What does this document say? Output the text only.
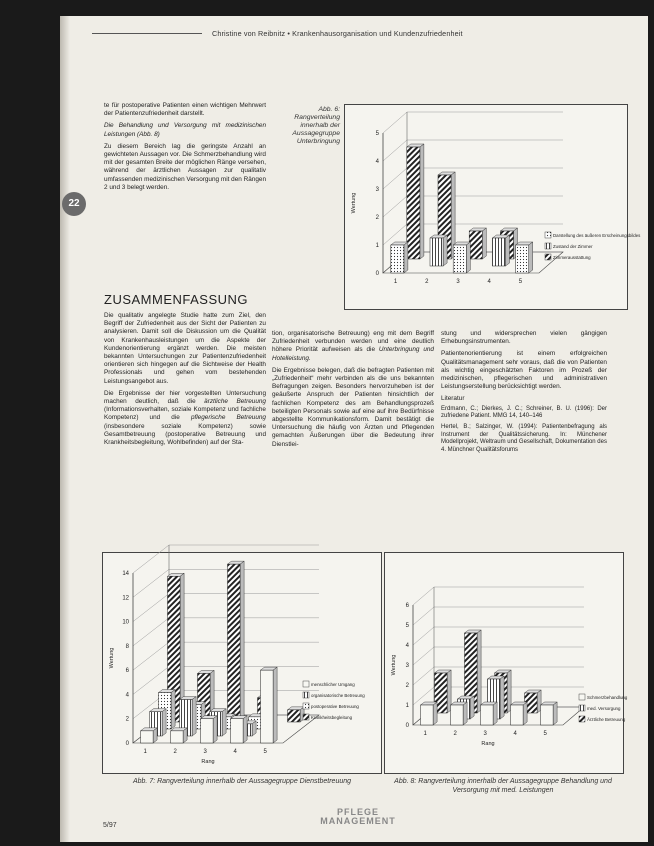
Christine von Reibnitz • Krankenhausorganisation und Kundenzufriedenheit

te für postoperative Patienten einen wichtigen Mehrwert der Patientenzufriedenheit darstellt.

Die Behandlung und Versorgung mit medizinischen Leistungen (Abb. 8)

Zu diesem Bereich lag die geringste Anzahl an gewichteten Aussagen vor. Die Schmerzbehandlung wird mit der gesamten Breite der möglichen Ränge versehen, während der ärztlichen Aussagen zur qualitativ umfassenden medizinischen Versorgung mit den Rängen 2 und 3 belegt werden.

22
Abb. 6: Rangverteilung innerhalb der Aussagegruppe Unterbringung
0
1
2
3
4
5
1	2	3	4	5
Wertung
Zimmerausstattung
Zustand der Zimmer
Darstellung des äußeren Erscheinungsbildes
ZUSAMMENFASSUNG

Die qualitativ angelegte Studie hatte zum Ziel, den Begriff der Zufriedenheit aus der Sicht der Patienten zu analysieren. Damit soll die Diskussion um die Qualität von Krankenhausleistungen um die Aspekte der Kundenorientierung ergänzt werden. Die meisten bekannten Untersuchungen zur Patientenzufriedenheit orientieren sich hingegen auf die Sichtweise der Health Professionals und gehen vom bestehenden Leistungsangebot aus.

Die Ergebnisse der hier vorgestellten Untersuchung machen deutlich, daß die ärztliche Betreuung (Informationsverhalten, soziale Kompetenz und fachliche Kompetenz) und die pflegerische Betreuung (insbesondere soziale Kompetenz) sowie Gesamtbetreuung (postoperative Betreuung und Krankheitsbegleitung, Wohlbefinden) auf der Sta-

tion, organisatorische Betreuung) eng mit dem Begriff Zufriedenheit verbunden werden und eine deutlich höhere Priorität aufweisen als die Unterbringung und Hotelleistung.

Die Ergebnisse belegen, daß die befragten Patienten mit „Zufriedenheit“ mehr verbinden als die uns bekannten Befragungen zeigen. Besonders hervorzuheben ist der geäußerte Anspruch der Patienten hinsichtlich der fachlichen Kompetenz des am Behandlungsprozeß beteiligten Personals sowie auf eine auf ihre Bedürfnisse abgestellte Kommunikationsform. Damit bestätigt die Untersuchung die häufig von Ärzten und Pflegenden gemachten Äußerungen über die Bedeutung ihrer Dienstlei-

stung und widersprechen vielen gängigen Erhebungsinstrumenten.

Patientenorientierung ist einem erfolgreichen Qualitätsmanagement sehr voraus, daß die von Patienten als wichtig eingeschätzten Faktoren im Prozeß der medizinischen, pflegerischen und administrativen Leistungserstellung berücksichtigt werden.

Literatur

Erdmann, C.; Dierkes, J. C.; Schreiner, B. U. (1996): Der zufriedene Patient. MMG 14, 140–146

Hertel, B.; Salzinger, W. (1994): Patientenbefragung als Instrument der Qualitätssicherung. In: Münchener Modellprojekt, Weltraum und Gesellschaft, Dokumentation des 4. Münchner Qualitätsforums

0
2
4
6
8
10
12
14
1	2	3	4	5
Wertung
Rang
Krankheitsbegleitung
postoperative Betreuung
organisatorische Betreuung
menschlicher Umgang
0
1
2
3
4
5
6
1	2	3	4	5
Wertung
Rang
Ärztliche Betreuung
med. Versorgung
Schmerzbehandlung
Abb. 7: Rangverteilung innerhalb der Aussagegruppe Dienstbetreuung	Abb. 8: Rangverteilung innerhalb der Aussagegruppe Behandlung und Versorgung mit med. Leistungen
PFLEGE
MANAGEMENT
5/97
